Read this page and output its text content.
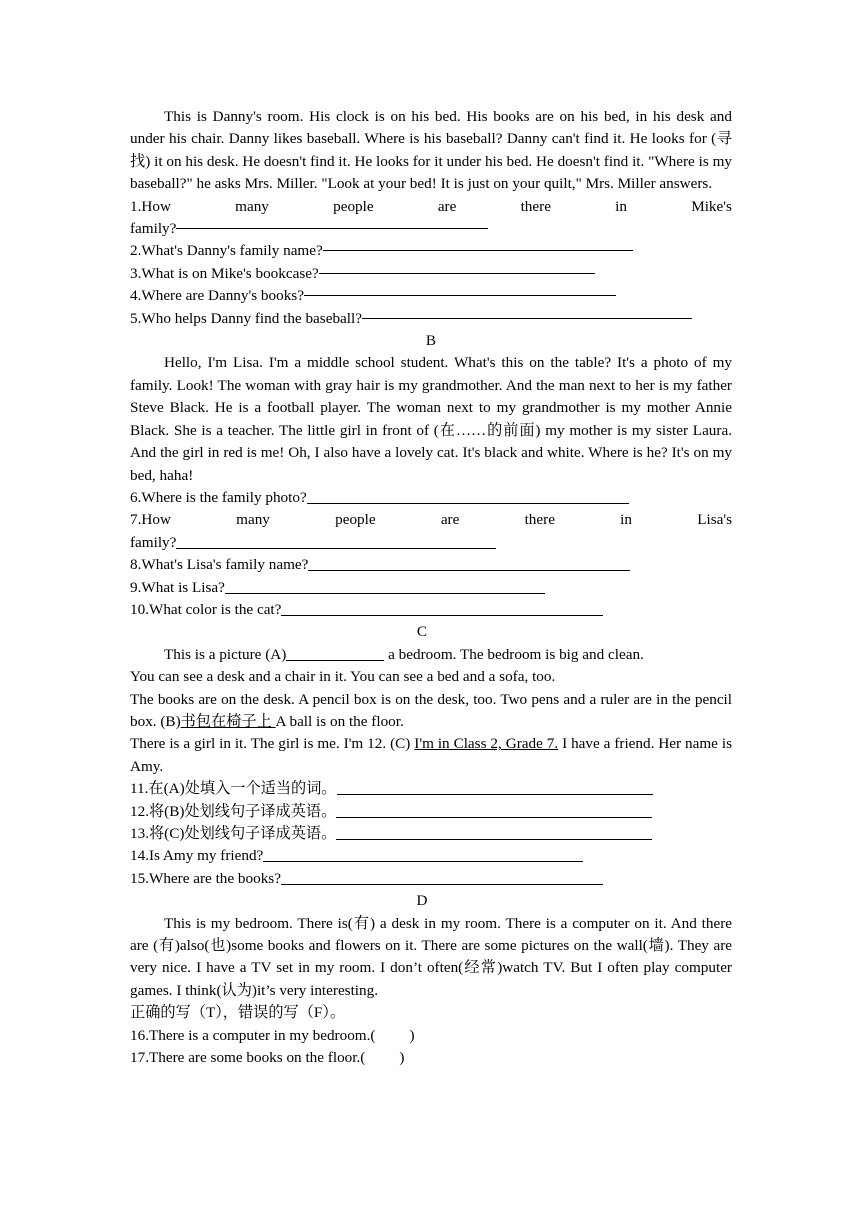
This is Danny's room. His clock is on his bed. His books are on his bed, in his desk and under his chair. Danny likes baseball. Where is his baseball? Danny can't find it. He looks for (寻找) it on his desk. He doesn't find it. He looks for it under his bed. He doesn't find it. "Where is my baseball?" he asks Mrs. Miller. "Look at your bed! It is just on your quilt," Mrs. Miller answers.

1.How	many	people	are	there	in	Mike's

family?

2.What's Danny's family name?

3.What is on Mike's bookcase?

4.Where are Danny's books?

5.Who helps Danny find the baseball?

B

Hello, I'm Lisa. I'm a middle school student. What's this on the table? It's a photo of my family. Look! The woman with gray hair is my grandmother. And the man next to her is my father Steve Black. He is a football player. The woman next to my grandmother is my mother Annie Black. She is a teacher. The little girl in front of (在……的前面) my mother is my sister Laura. And the girl in red is me! Oh, I also have a lovely cat. It's black and white. Where is he? It's on my bed, haha!

6.Where is the family photo?

7.How	many	people	are	there	in	Lisa's

family?

8.What's Lisa's family name?

9.What is Lisa?

10.What color is the cat?

C

This is a picture (A)	a bedroom. The bedroom is big and clean.

You can see a desk and a chair in it. You can see a bed and a sofa, too.

The books are on the desk. A pencil box is on the desk, too. Two pens and a ruler are in the pencil box. (B)书包在椅子上 A ball is on the floor.

There is a girl in it. The girl is me. I'm 12. (C) I'm in Class 2, Grade 7. I have a friend. Her name is Amy.

11.在(A)处填入一个适当的词。

12.将(B)处划线句子译成英语。

13.将(C)处划线句子译成英语。

14.Is Amy my friend?

15.Where are the books?

D

This is my bedroom. There is(有) a desk in my room. There is a computer on it. And there are (有)also(也)some books and flowers on it. There are some pictures on the wall(墙). They are very nice. I have a TV set in my room. I don’t often(经常)watch TV. But I often play computer games. I think(认为)it’s very interesting.

正确的写（T），错误的写（F）。

16.There is a computer in my bedroom.( )

17.There are some books on the floor.( )
